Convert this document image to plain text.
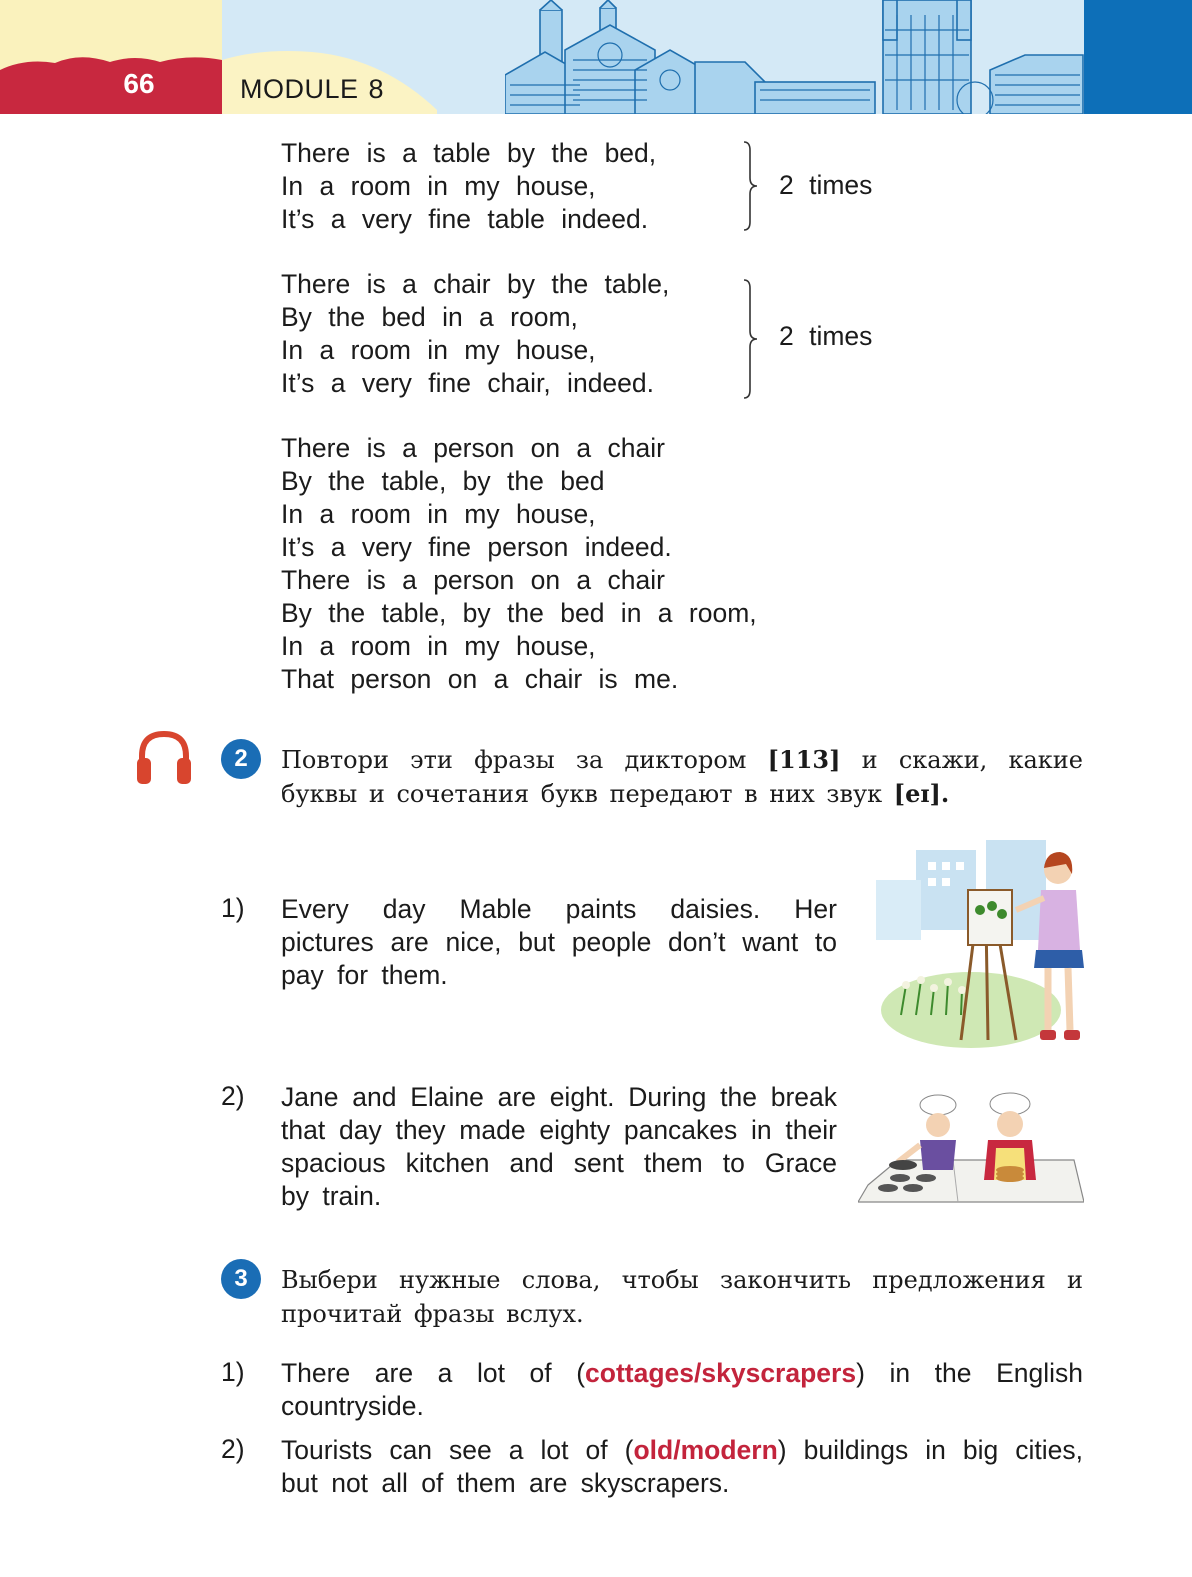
66	MODULE 8
There is a table by the bed,
In a room in my house,
It’s a very fine table indeed.
2 times
There is a chair by the table,
By the bed in a room,
In a room in my house,
It’s a very fine chair, indeed.
2 times
There is a person on a chair
By the table, by the bed
In a room in my house,
It’s a very fine person indeed.
There is a person on a chair
By the table, by the bed in a room,
In a room in my house,
That person on a chair is me.
2	Повтори эти фразы за диктором [113] и скажи, какие буквы и сочетания букв передают в них звук [eɪ].
1) Every day Mable paints daisies. Her pictures are nice, but people don’t want to pay for them.
2) Jane and Elaine are eight. During the break that day they made eighty pancakes in their spacious kitchen and sent them to Grace by train.
3	Выбери нужные слова, чтобы закончить предложения и прочитай фразы вслух.
1) There are a lot of (cottages/skyscrapers) in the English countryside.
2) Tourists can see a lot of (old/modern) buildings in big cities, but not all of them are skyscrapers.
